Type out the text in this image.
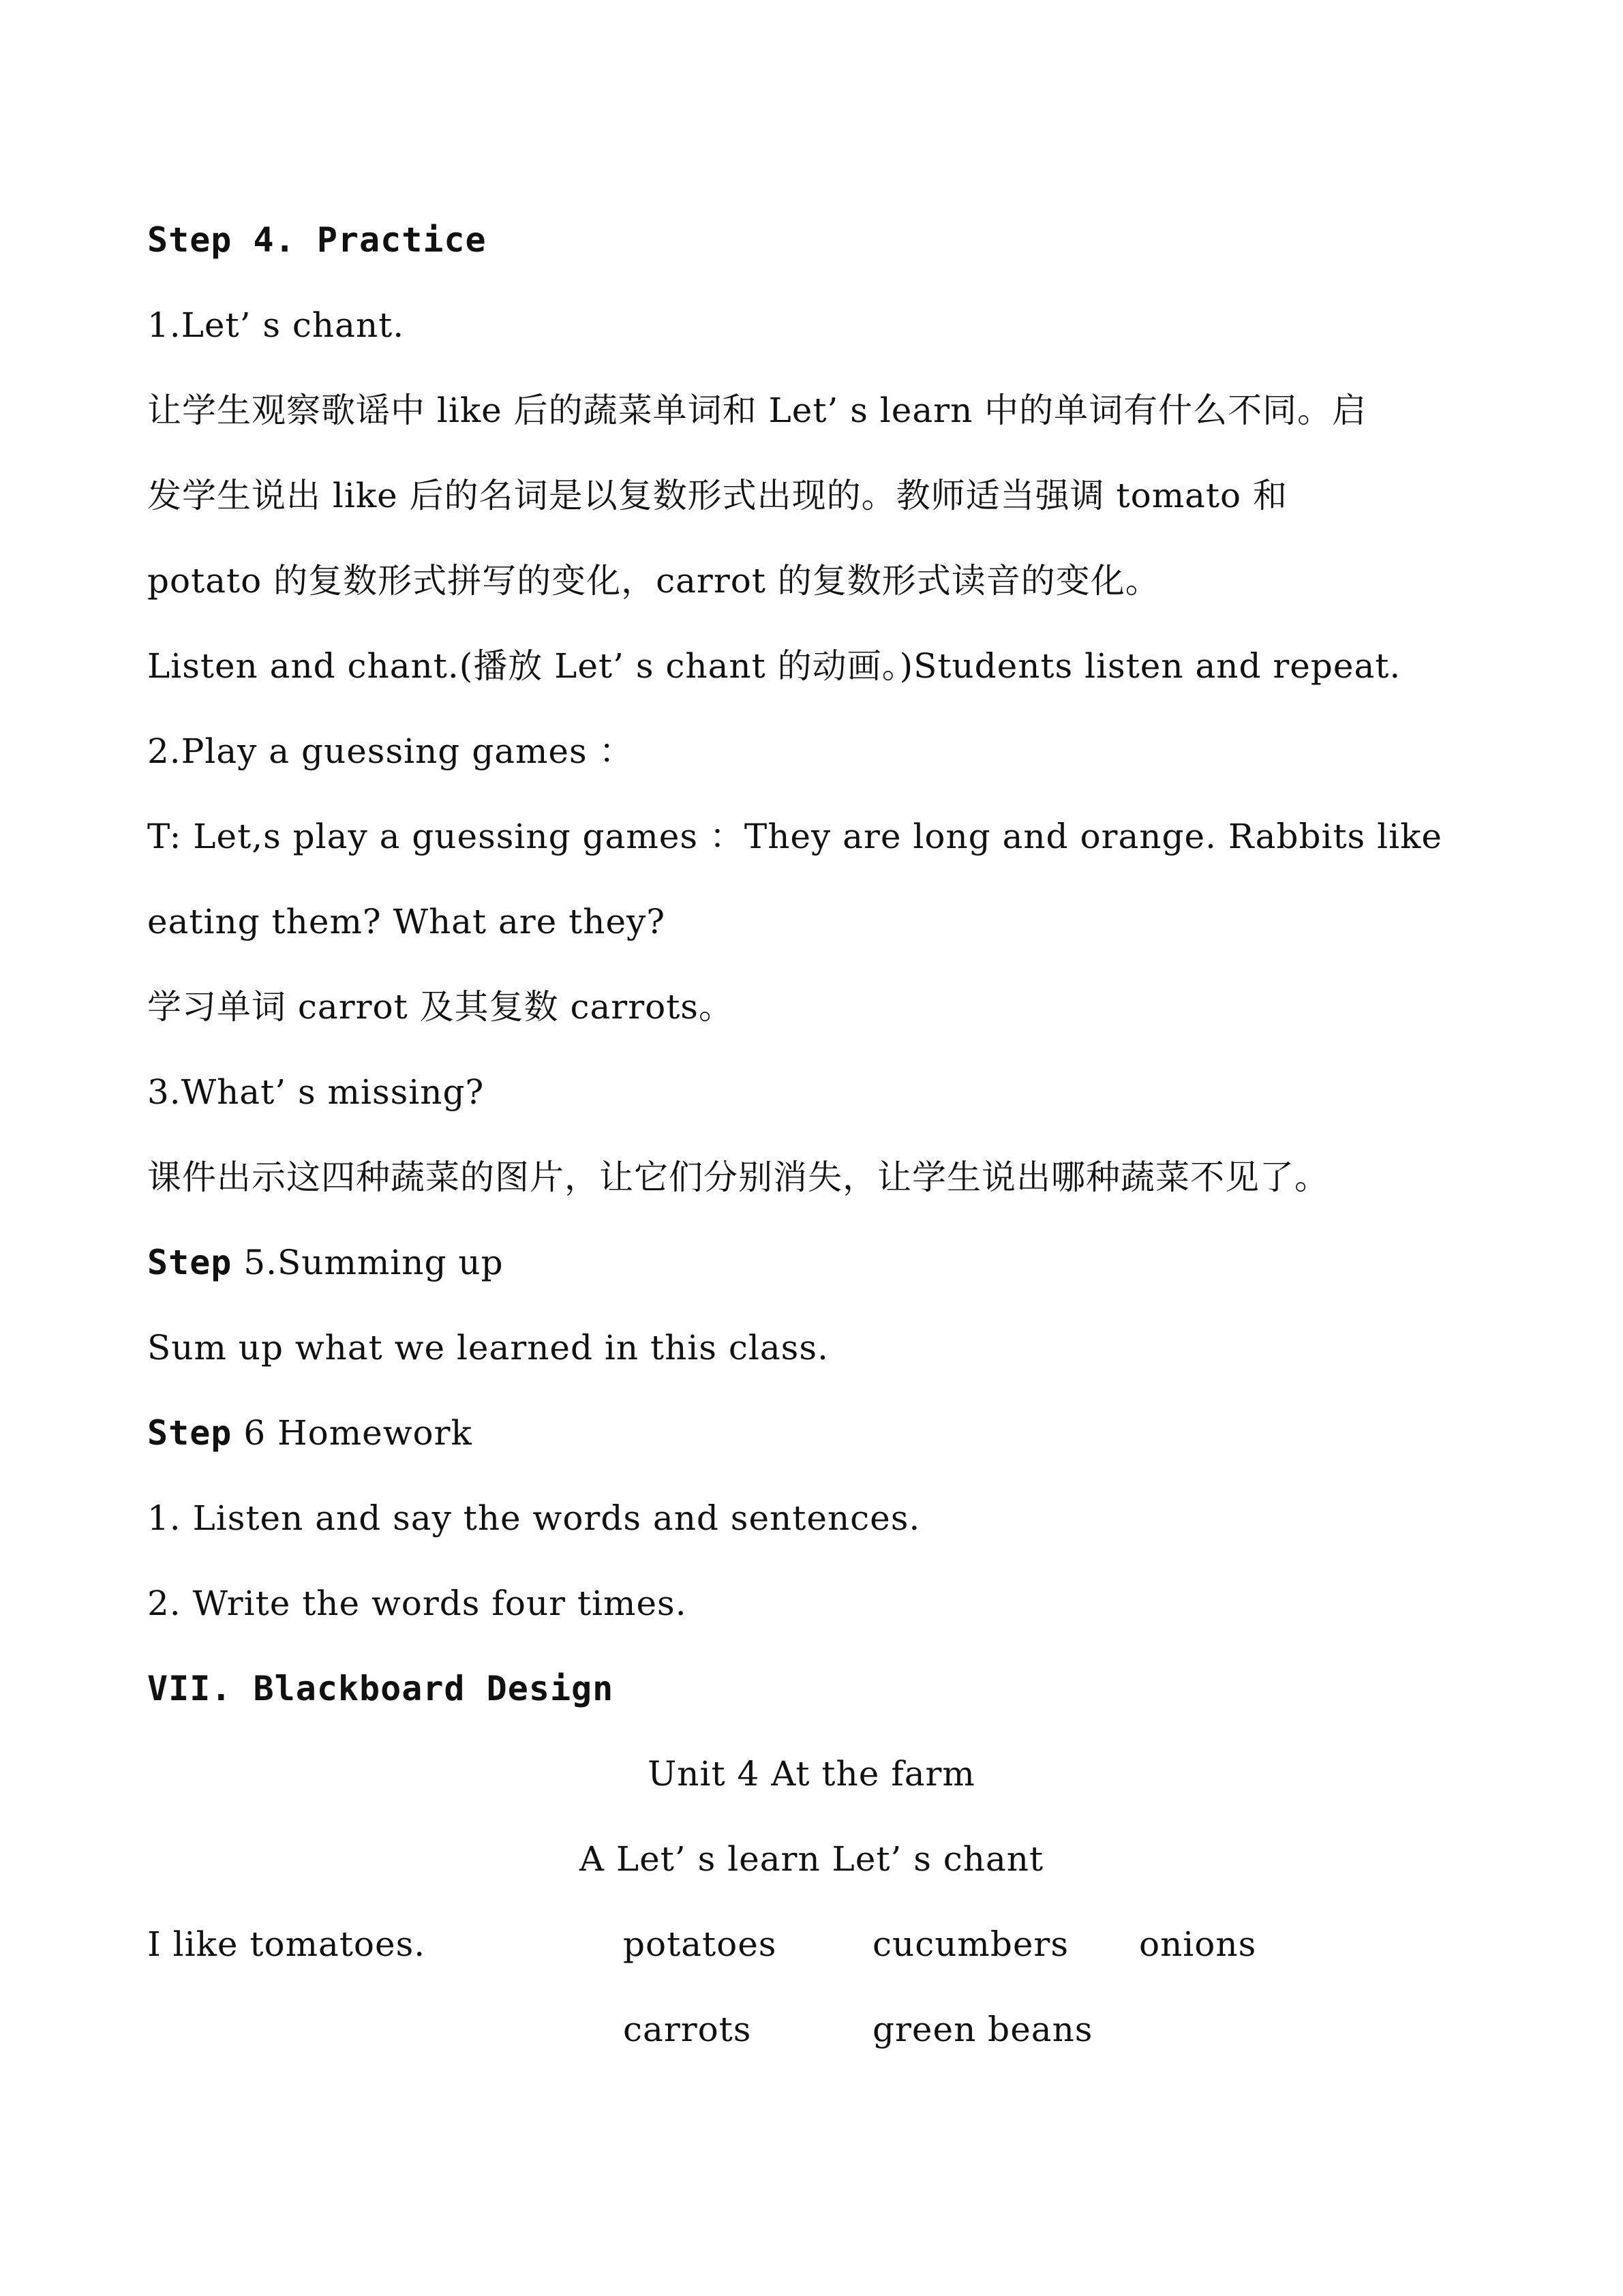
Step 4. Practice
1.Let’ s chant.
让学生观察歌谣中 like 后的蔬菜单词和 Let’ s learn 中的单词有什么不同。启
发学生说出 like 后的名词是以复数形式出现的。教师适当强调 tomato 和
potato 的复数形式拼写的变化，carrot 的复数形式读音的变化。
Listen and chant.(播放 Let’ s chant 的动画。)Students listen and repeat.
2.Play a guessing games ：
T: Let,s play a guessing games ：They are long and orange. Rabbits like
eating them? What are they?
学习单词 carrot 及其复数 carrots。
3.What’ s missing?
课件出示这四种蔬菜的图片，让它们分别消失，让学生说出哪种蔬菜不见了。
Step 5.Summing up
Sum up what we learned in this class.
Step 6 Homework
1. Listen and say the words and sentences.
2. Write the words four times.
VII. Blackboard Design
Unit 4 At the farm
A Let’ s learn Let’ s chant
I like tomatoes.	potatoes	cucumbers onions
carrots	green beans
